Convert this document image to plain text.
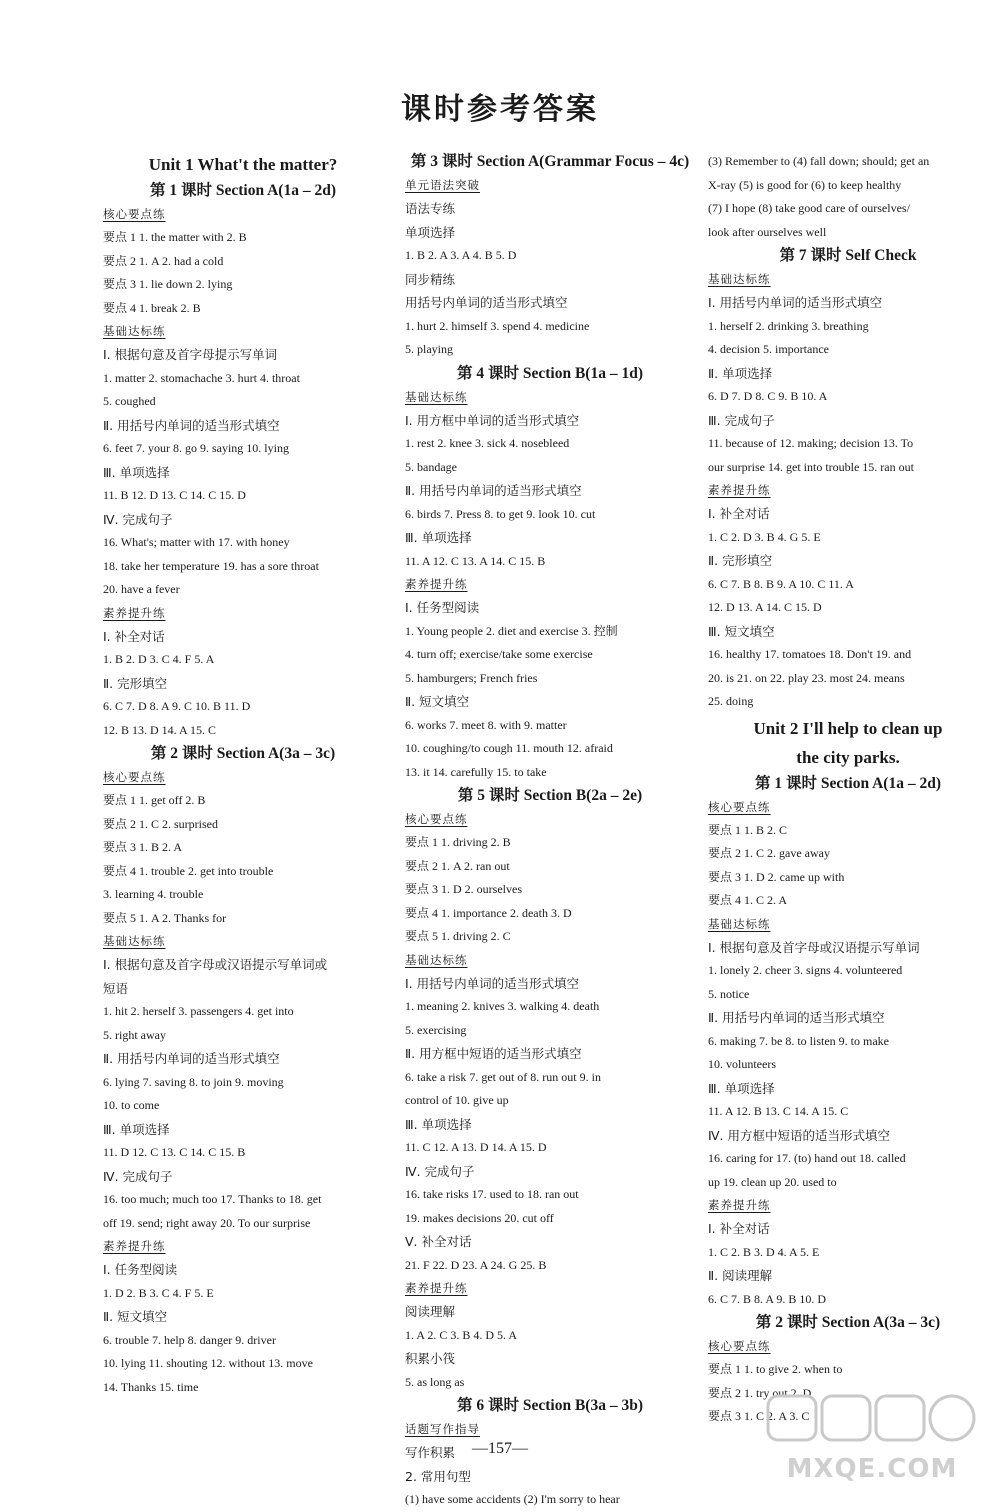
课时参考答案
Unit 1 What't the matter?
第 1 课时 Section A(1a – 2d)
核心要点练
要点 1 1. the matter with 2. B
要点 2 1. A 2. had a cold
要点 3 1. lie down 2. lying
要点 4 1. break 2. B
基础达标练
Ⅰ. 根据句意及首字母提示写单词
1. matter 2. stomachache 3. hurt 4. throat
5. coughed
Ⅱ. 用括号内单词的适当形式填空
6. feet 7. your 8. go 9. saying 10. lying
Ⅲ. 单项选择
11. B 12. D 13. C 14. C 15. D
Ⅳ. 完成句子
16. What's; matter with 17. with honey
18. take her temperature 19. has a sore throat
20. have a fever
素养提升练
Ⅰ. 补全对话
1. B 2. D 3. C 4. F 5. A
Ⅱ. 完形填空
6. C 7. D 8. A 9. C 10. B 11. D
12. B 13. D 14. A 15. C
第 2 课时 Section A(3a – 3c)
核心要点练
要点 1 1. get off 2. B
要点 2 1. C 2. surprised
要点 3 1. B 2. A
要点 4 1. trouble 2. get into trouble
3. learning 4. trouble
要点 5 1. A 2. Thanks for
基础达标练
Ⅰ. 根据句意及首字母或汉语提示写单词或
短语
1. hit 2. herself 3. passengers 4. get into
5. right away
Ⅱ. 用括号内单词的适当形式填空
6. lying 7. saving 8. to join 9. moving
10. to come
Ⅲ. 单项选择
11. D 12. C 13. C 14. C 15. B
Ⅳ. 完成句子
16. too much; much too 17. Thanks to 18. get
off 19. send; right away 20. To our surprise
素养提升练
Ⅰ. 任务型阅读
1. D 2. B 3. C 4. F 5. E
Ⅱ. 短文填空
6. trouble 7. help 8. danger 9. driver
10. lying 11. shouting 12. without 13. move
14. Thanks 15. time
第 3 课时 Section A(Grammar Focus – 4c)
单元语法突破
语法专练
单项选择
1. B 2. A 3. A 4. B 5. D
同步精练
用括号内单词的适当形式填空
1. hurt 2. himself 3. spend 4. medicine
5. playing
第 4 课时 Section B(1a – 1d)
基础达标练
Ⅰ. 用方框中单词的适当形式填空
1. rest 2. knee 3. sick 4. nosebleed
5. bandage
Ⅱ. 用括号内单词的适当形式填空
6. birds 7. Press 8. to get 9. look 10. cut
Ⅲ. 单项选择
11. A 12. C 13. A 14. C 15. B
素养提升练
Ⅰ. 任务型阅读
1. Young people 2. diet and exercise 3. 控制
4. turn off; exercise/take some exercise
5. hamburgers; French fries
Ⅱ. 短文填空
6. works 7. meet 8. with 9. matter
10. coughing/to cough 11. mouth 12. afraid
13. it 14. carefully 15. to take
第 5 课时 Section B(2a – 2e)
核心要点练
要点 1 1. driving 2. B
要点 2 1. A 2. ran out
要点 3 1. D 2. ourselves
要点 4 1. importance 2. death 3. D
要点 5 1. driving 2. C
基础达标练
Ⅰ. 用括号内单词的适当形式填空
1. meaning 2. knives 3. walking 4. death
5. exercising
Ⅱ. 用方框中短语的适当形式填空
6. take a risk 7. get out of 8. run out 9. in
control of 10. give up
Ⅲ. 单项选择
11. C 12. A 13. D 14. A 15. D
Ⅳ. 完成句子
16. take risks 17. used to 18. ran out
19. makes decisions 20. cut off
Ⅴ. 补全对话
21. F 22. D 23. A 24. G 25. B
素养提升练
阅读理解
1. A 2. C 3. B 4. D 5. A
积累小筏
5. as long as
第 6 课时 Section B(3a – 3b)
话题写作指导
写作积累
2. 常用句型
(1) have some accidents (2) I'm sorry to hear
(3) Remember to (4) fall down; should; get an
X-ray (5) is good for (6) to keep healthy
(7) I hope (8) take good care of ourselves/
look after ourselves well
第 7 课时 Self Check
基础达标练
Ⅰ. 用括号内单词的适当形式填空
1. herself 2. drinking 3. breathing
4. decision 5. importance
Ⅱ. 单项选择
6. D 7. D 8. C 9. B 10. A
Ⅲ. 完成句子
11. because of 12. making; decision 13. To
our surprise 14. get into trouble 15. ran out
素养提升练
Ⅰ. 补全对话
1. C 2. D 3. B 4. G 5. E
Ⅱ. 完形填空
6. C 7. B 8. B 9. A 10. C 11. A
12. D 13. A 14. C 15. D
Ⅲ. 短文填空
16. healthy 17. tomatoes 18. Don't 19. and
20. is 21. on 22. play 23. most 24. means
25. doing
Unit 2 I'll help to clean up
the city parks.
第 1 课时 Section A(1a – 2d)
核心要点练
要点 1 1. B 2. C
要点 2 1. C 2. gave away
要点 3 1. D 2. came up with
要点 4 1. C 2. A
基础达标练
Ⅰ. 根据句意及首字母或汉语提示写单词
1. lonely 2. cheer 3. signs 4. volunteered
5. notice
Ⅱ. 用括号内单词的适当形式填空
6. making 7. be 8. to listen 9. to make
10. volunteers
Ⅲ. 单项选择
11. A 12. B 13. C 14. A 15. C
Ⅳ. 用方框中短语的适当形式填空
16. caring for 17. (to) hand out 18. called
up 19. clean up 20. used to
素养提升练
Ⅰ. 补全对话
1. C 2. B 3. D 4. A 5. E
Ⅱ. 阅读理解
6. C 7. B 8. A 9. B 10. D
第 2 课时 Section A(3a – 3c)
核心要点练
要点 1 1. to give 2. when to
要点 2 1. try out 2. D
要点 3 1. C 2. A 3. C
—157—
MXQE.COM
